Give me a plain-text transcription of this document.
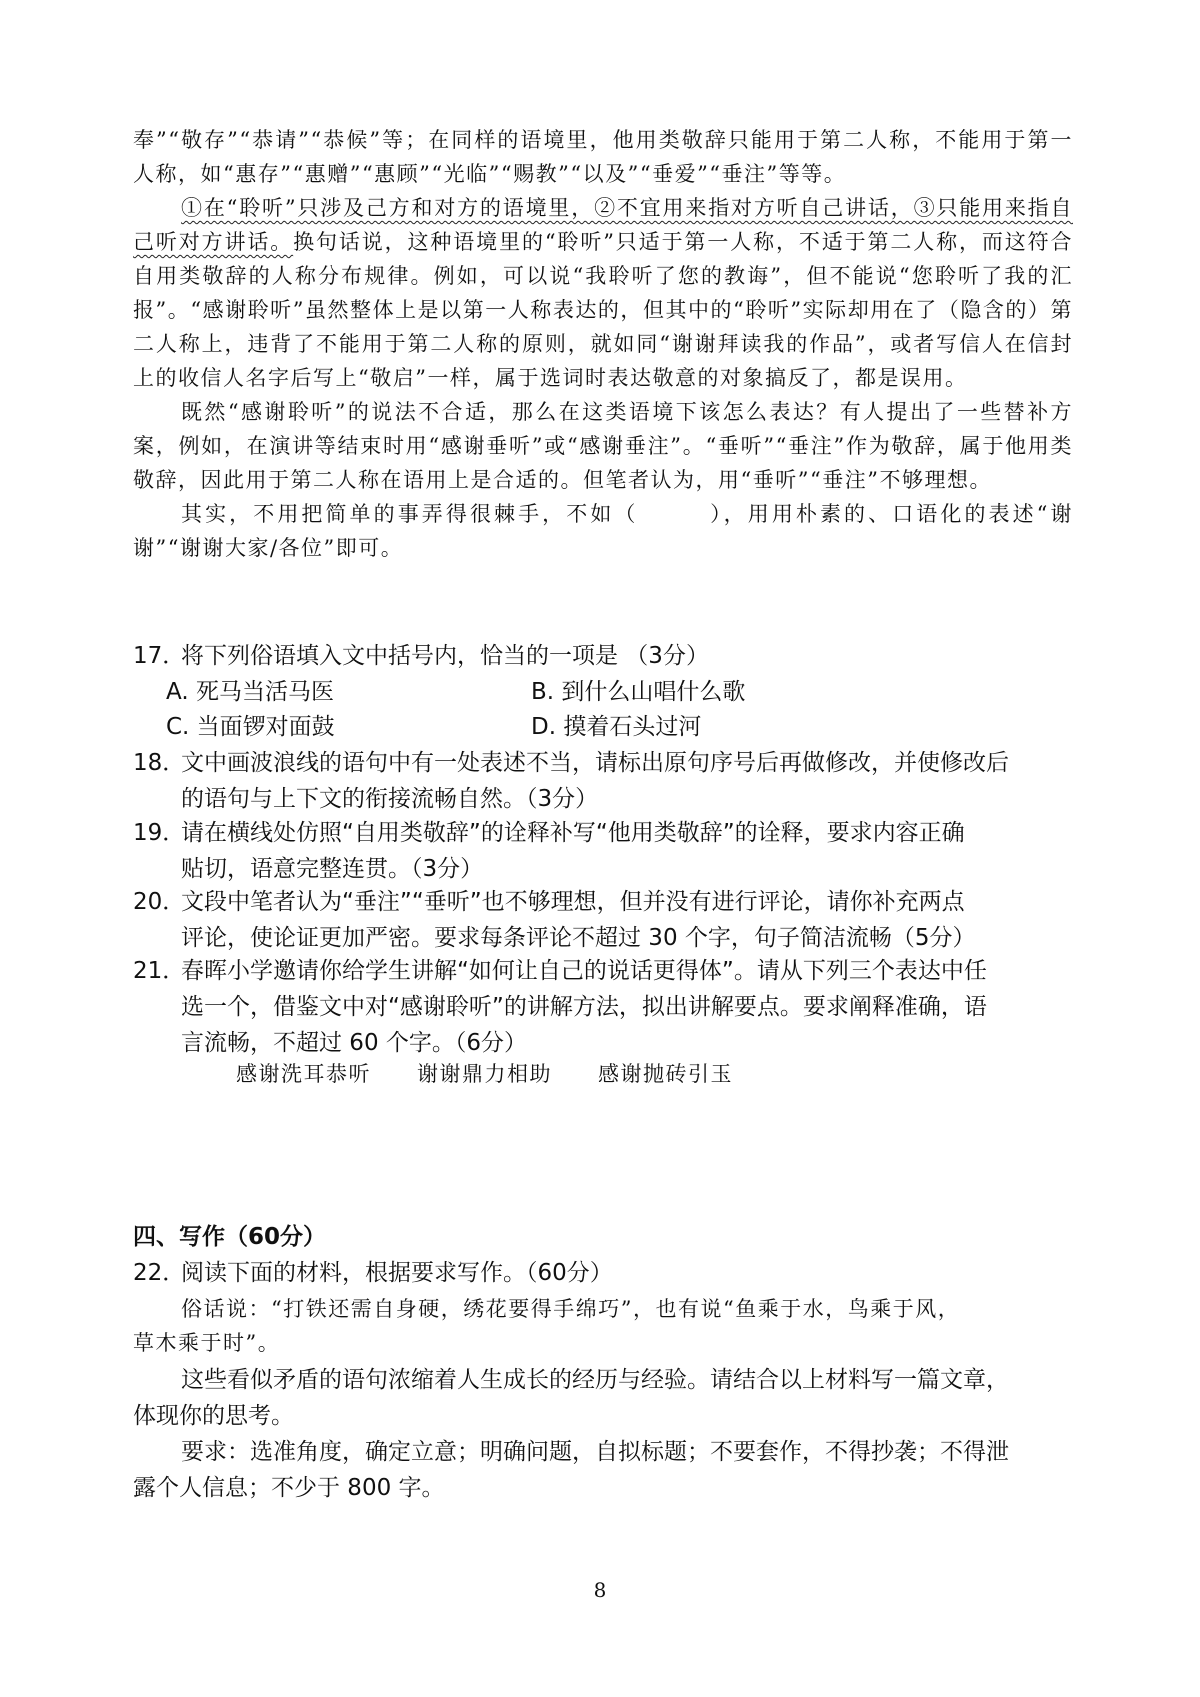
奉”“敬存”“恭请”“恭候”等；在同样的语境里，他用类敬辞只能用于第二人称，不能用于第一人称，如“惠存”“惠赠”“惠顾”“光临”“赐教”“以及”“垂爱”“垂注”等等。

①在“聆听”只涉及己方和对方的语境里，②不宜用来指对方听自己讲话，③只能用来指自己听对方讲话。换句话说，这种语境里的“聆听”只适于第一人称，不适于第二人称，而这符合自用类敬辞的人称分布规律。例如，可以说“我聆听了您的教诲”，但不能说“您聆听了我的汇报”。“感谢聆听”虽然整体上是以第一人称表达的，但其中的“聆听”实际却用在了（隐含的）第二人称上，违背了不能用于第二人称的原则，就如同“谢谢拜读我的作品”，或者写信人在信封上的收信人名字后写上“敬启”一样，属于选词时表达敬意的对象搞反了，都是误用。

既然“感谢聆听”的说法不合适，那么在这类语境下该怎么表达？有人提出了一些替补方案，例如，在演讲等结束时用“感谢垂听”或“感谢垂注”。“垂听”“垂注”作为敬辞，属于他用类敬辞，因此用于第二人称在语用上是合适的。但笔者认为，用“垂听”“垂注”不够理想。

其实，不用把简单的事弄得很棘手，不如（	），用用朴素的、口语化的表述“谢谢”“谢谢大家/各位”即可。

17．将下列俗语填入文中括号内，恰当的一项是 （3分）
A. 死马当活马医	B. 到什么山唱什么歌
C. 当面锣对面鼓	D. 摸着石头过河
18．文中画波浪线的语句中有一处表述不当，请标出原句序号后再做修改，并使修改后
的语句与上下文的衔接流畅自然。（3分）
19．请在横线处仿照“自用类敬辞”的诠释补写“他用类敬辞”的诠释，要求内容正确
贴切，语意完整连贯。（3分）
20．文段中笔者认为“垂注”“垂听”也不够理想，但并没有进行评论，请你补充两点
评论，使论证更加严密。要求每条评论不超过 30 个字，句子简洁流畅（5分）
21．春晖小学邀请你给学生讲解“如何让自己的说话更得体”。请从下列三个表达中任
选一个，借鉴文中对“感谢聆听”的讲解方法，拟出讲解要点。要求阐释准确，语
言流畅，不超过 60 个字。（6分）
感谢洗耳恭听 谢谢鼎力相助 感谢抛砖引玉
四、写作（60分）
22．阅读下面的材料，根据要求写作。（60分）
俗话说：“打铁还需自身硬，绣花要得手绵巧”，也有说“鱼乘于水，鸟乘于风，
草木乘于时”。
这些看似矛盾的语句浓缩着人生成长的经历与经验。请结合以上材料写一篇文章，
体现你的思考。
要求：选准角度，确定立意；明确问题，自拟标题；不要套作，不得抄袭；不得泄
露个人信息；不少于 800 字。
8
